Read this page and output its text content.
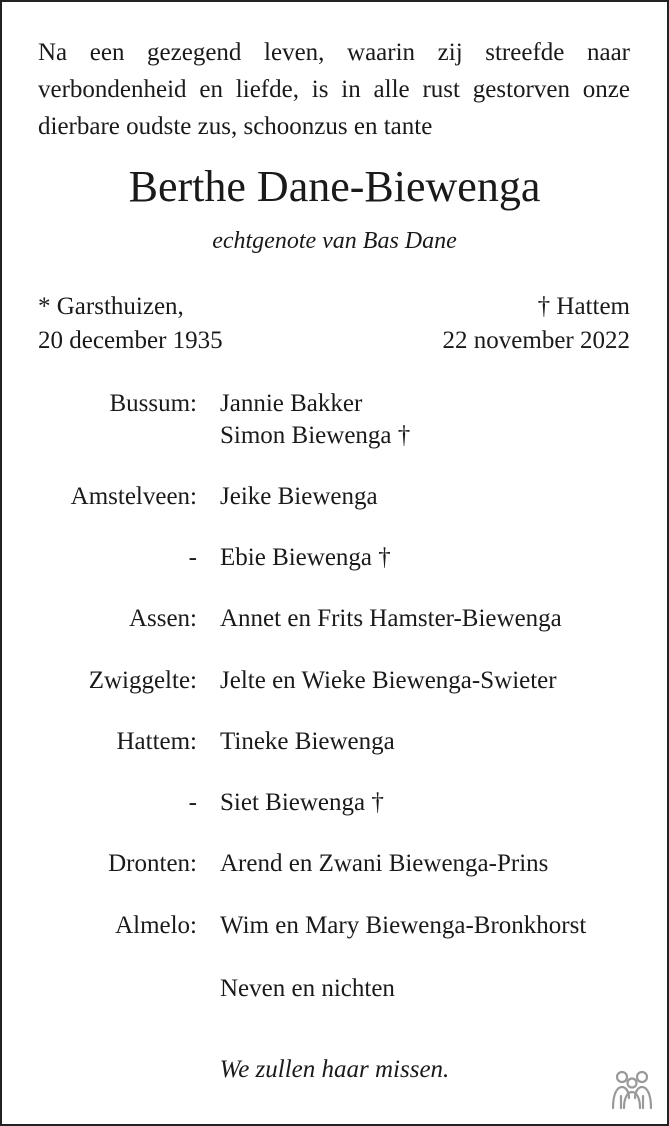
Na een gezegend leven, waarin zij streefde naar verbondenheid en liefde, is in alle rust gestorven onze dierbare oudste zus, schoonzus en tante
Berthe Dane-Biewenga
echtgenote van Bas Dane
* Garsthuizen,
20 december 1935
† Hattem
22 november 2022
Bussum: Jannie Bakker
Simon Biewenga †
Amstelveen: Jeike Biewenga
- Ebie Biewenga †
Assen: Annet en Frits Hamster-Biewenga
Zwiggelte: Jelte en Wieke Biewenga-Swieter
Hattem: Tineke Biewenga
- Siet Biewenga †
Dronten: Arend en Zwani Biewenga-Prins
Almelo: Wim en Mary Biewenga-Bronkhorst
Neven en nichten
We zullen haar missen.
